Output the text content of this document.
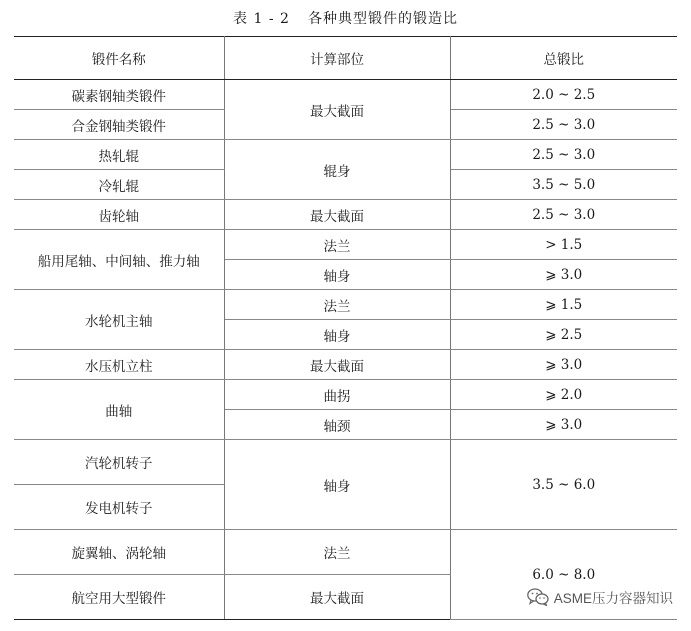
表 1 - 2 各种典型锻件的锻造比
锻件名称	计算部位	总锻比
碳素钢轴类锻件	最大截面	2.0 ~ 2.5
合金钢轴类锻件		2.5 ~ 3.0
热轧辊	辊身	2.5 ~ 3.0
冷轧辊		3.5 ~ 5.0
齿轮轴	最大截面	2.5 ~ 3.0
船用尾轴、中间轴、推力轴	法兰	> 1.5
	轴身	⩾ 3.0
水轮机主轴	法兰	⩾ 1.5
	轴身	⩾ 2.5
水压机立柱	最大截面	⩾ 3.0
曲轴	曲拐	⩾ 2.0
	轴颈	⩾ 3.0
汽轮机转子	轴身	3.5 ~ 6.0
发电机转子		
旋翼轴、涡轮轴	法兰	6.0 ~ 8.0
航空用大型锻件	最大截面		ASME压力容器知识
